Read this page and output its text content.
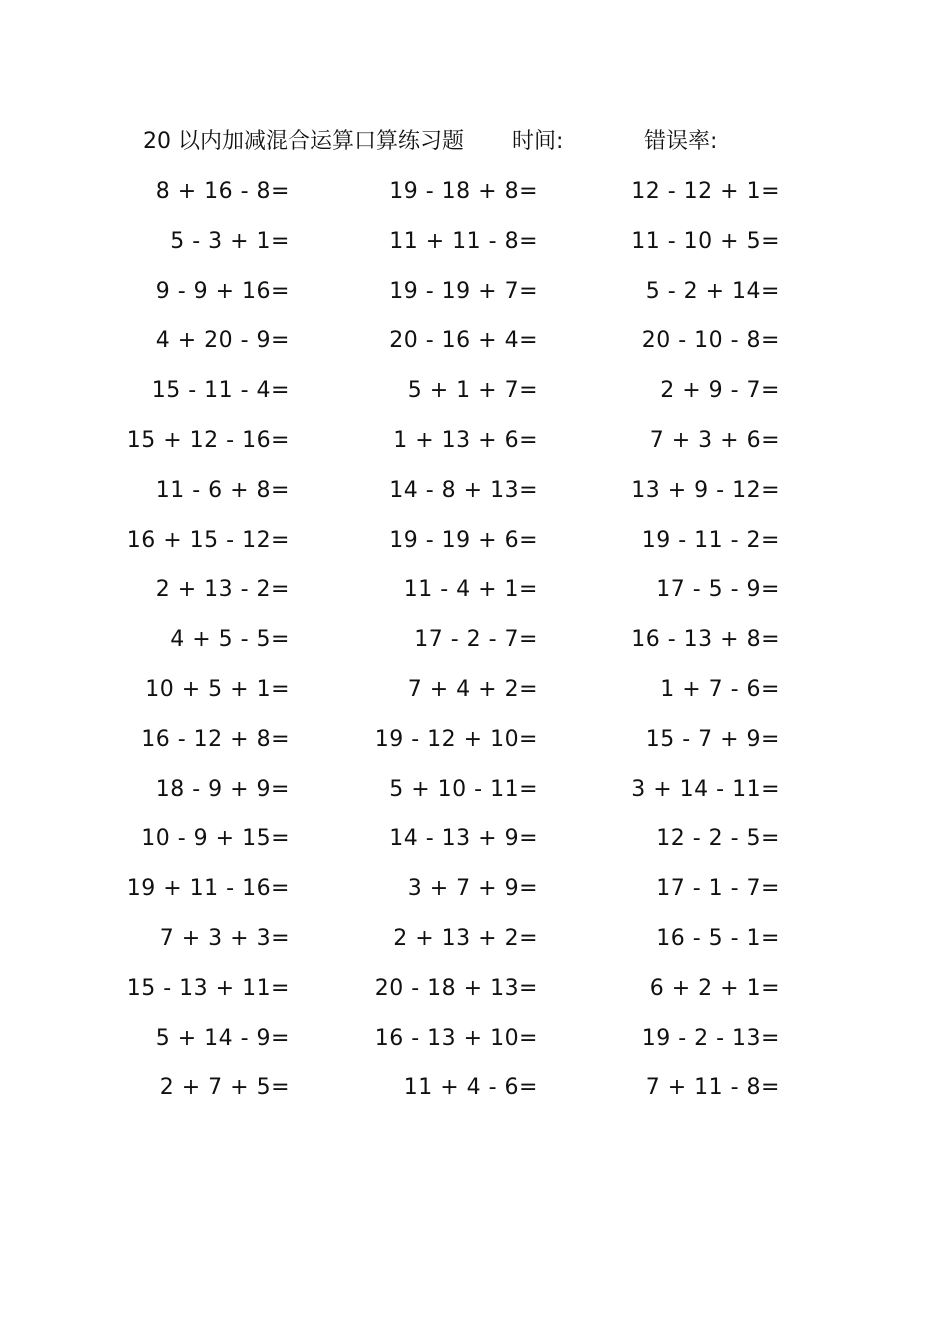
20 以内加减混合运算口算练习题 时间:	错误率:
8 + 16 - 8=	19 - 18 + 8=	12 - 12 + 1=
5 - 3 + 1=	11 + 11 - 8=	11 - 10 + 5=
9 - 9 + 16=	19 - 19 + 7=	5 - 2 + 14=
4 + 20 - 9=	20 - 16 + 4=	20 - 10 - 8=
15 - 11 - 4=	5 + 1 + 7=	2 + 9 - 7=
15 + 12 - 16=	1 + 13 + 6=	7 + 3 + 6=
11 - 6 + 8=	14 - 8 + 13=	13 + 9 - 12=
16 + 15 - 12=	19 - 19 + 6=	19 - 11 - 2=
2 + 13 - 2=	11 - 4 + 1=	17 - 5 - 9=
4 + 5 - 5=	17 - 2 - 7=	16 - 13 + 8=
10 + 5 + 1=	7 + 4 + 2=	1 + 7 - 6=
16 - 12 + 8=	19 - 12 + 10=	15 - 7 + 9=
18 - 9 + 9=	5 + 10 - 11=	3 + 14 - 11=
10 - 9 + 15=	14 - 13 + 9=	12 - 2 - 5=
19 + 11 - 16=	3 + 7 + 9=	17 - 1 - 7=
7 + 3 + 3=	2 + 13 + 2=	16 - 5 - 1=
15 - 13 + 11=	20 - 18 + 13=	6 + 2 + 1=
5 + 14 - 9=	16 - 13 + 10=	19 - 2 - 13=
2 + 7 + 5=	11 + 4 - 6=	7 + 11 - 8=
